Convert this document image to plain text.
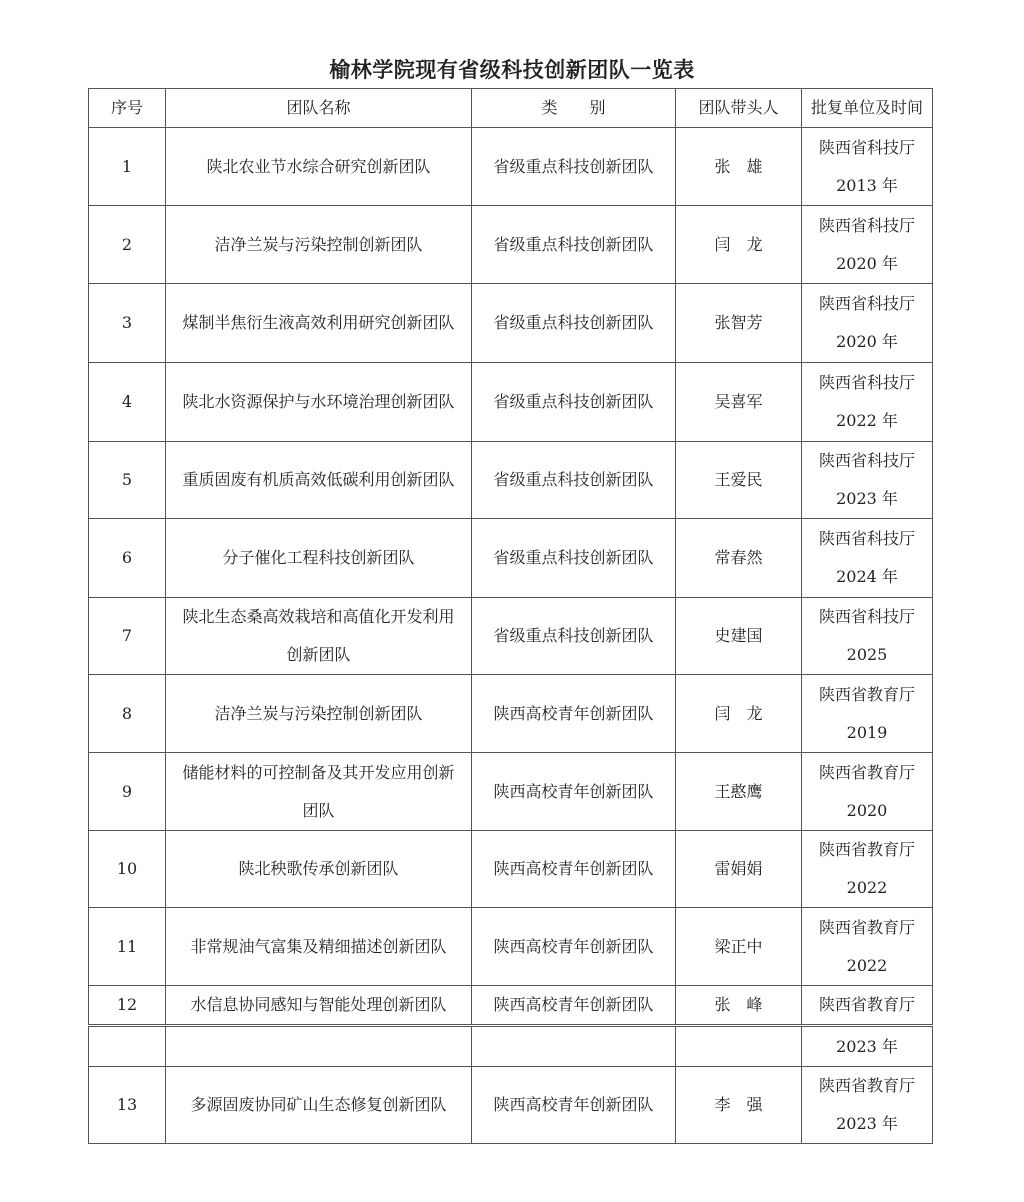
榆林学院现有省级科技创新团队一览表
序号	团队名称	类　　别	团队带头人	批复单位及时间
1	陕北农业节水综合研究创新团队	省级重点科技创新团队	张　雄	陕西省科技厅
2013 年

2	洁净兰炭与污染控制创新团队	省级重点科技创新团队	闫　龙	陕西省科技厅
2020 年

3	煤制半焦衍生液高效利用研究创新团队	省级重点科技创新团队	张智芳	陕西省科技厅
2020 年

4	陕北水资源保护与水环境治理创新团队	省级重点科技创新团队	吴喜军	陕西省科技厅
2022 年

5	重质固废有机质高效低碳利用创新团队	省级重点科技创新团队	王爱民	陕西省科技厅
2023 年
6	分子催化工程科技创新团队	省级重点科技创新团队	常春然	陕西省科技厅
2024 年

7	陕北生态桑高效栽培和高值化开发利用
创新团队	省级重点科技创新团队	史建国	陕西省科技厅
2025

8	洁净兰炭与污染控制创新团队	陕西高校青年创新团队	闫　龙	陕西省教育厅
2019

9	储能材料的可控制备及其开发应用创新
团队	陕西高校青年创新团队	王憨鹰	陕西省教育厅
2020

10	陕北秧歌传承创新团队	陕西高校青年创新团队	雷娟娟	陕西省教育厅
2022

11	非常规油气富集及精细描述创新团队	陕西高校青年创新团队	梁正中	陕西省教育厅
2022

12	水信息协同感知与智能处理创新团队	陕西高校青年创新团队	张　峰	陕西省教育厅
				2023 年
13	多源固废协同矿山生态修复创新团队	陕西高校青年创新团队	李　强	陕西省教育厅
2023 年
